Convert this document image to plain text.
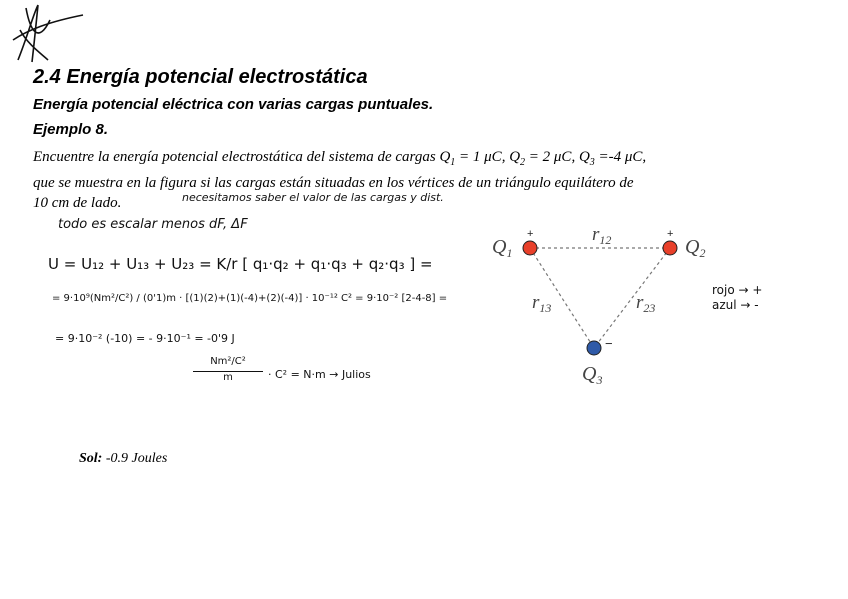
2.4 Energía potencial electrostática
Energía potencial eléctrica con varias cargas puntuales.
Ejemplo 8.
Encuentre la energía potencial electrostática del sistema de cargas $Q_1 = 1$ μC, $Q_2 = 2$ μC, $Q_3 =-4$ μC,
que se muestra en la figura si las cargas están situadas en los vértices de un triángulo equilátero de
10 cm de lado.	necesitamos saber el valor de las cargas y dist.
todo es escalar menos dF, ΔF
U = U₁₂ + U₁₃ + U₂₃ = K/r [ q₁·q₂ + q₁·q₃ + q₂·q₃ ] =
= 9·10⁹(Nm²/C²) / (0'1)m · [(1)(2)+(1)(-4)+(2)(-4)] · 10⁻¹² C² = 9·10⁻² [2-4-8] =
= 9·10⁻² (-10) = - 9·10⁻¹ = -0'9 J
Nm²/C²
m	· C² = N·m → Julios
+	+
−
$Q_1$	$Q_2$
$Q_3$
$r_{12}$
$r_{13}$	$r_{23}$
rojo → +
azul → -
Sol: -0.9 Joules
